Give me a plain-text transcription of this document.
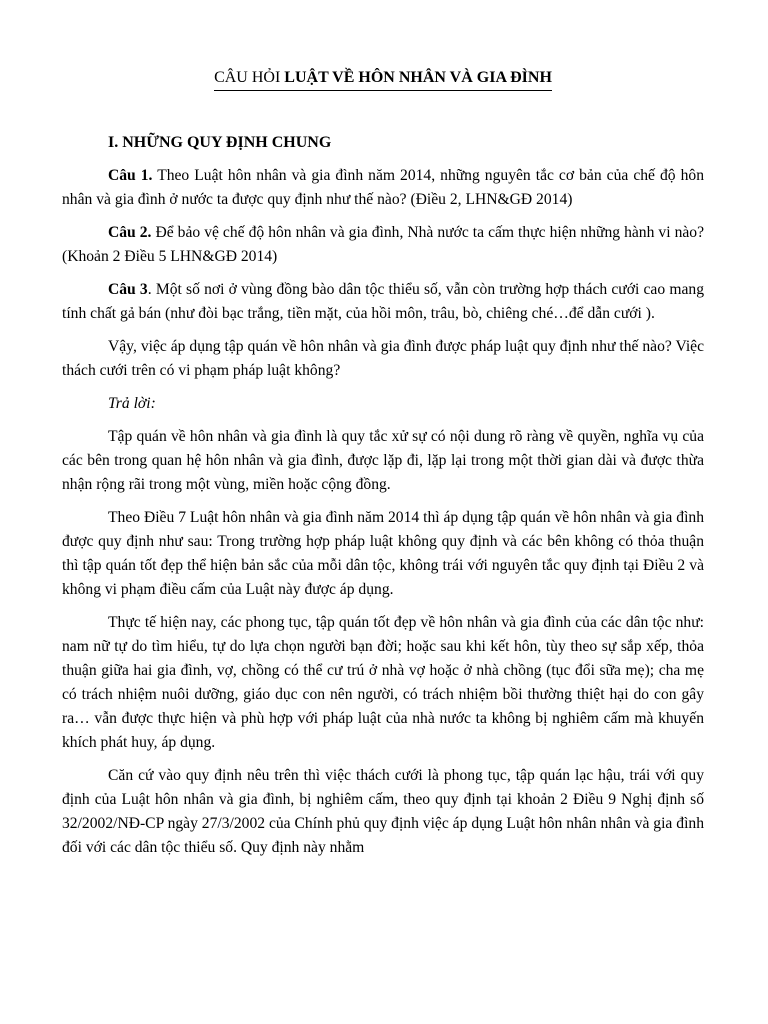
CÂU HỎI LUẬT VỀ HÔN NHÂN VÀ GIA ĐÌNH
I. NHỮNG QUY ĐỊNH CHUNG

Câu 1. Theo Luật hôn nhân và gia đình năm 2014, những nguyên tắc cơ bản của chế độ hôn nhân và gia đình ở nước ta được quy định như thế nào? (Điều 2, LHN&GĐ 2014)

Câu 2. Để bảo vệ chế độ hôn nhân và gia đình, Nhà nước ta cấm thực hiện những hành vi nào? (Khoản 2 Điều 5 LHN&GĐ 2014)

Câu 3. Một số nơi ở vùng đồng bào dân tộc thiểu số, vẫn còn trường hợp thách cưới cao mang tính chất gả bán (như đòi bạc trắng, tiền mặt, của hồi môn, trâu, bò, chiêng ché…để dẫn cưới ).

Vậy, việc áp dụng tập quán về hôn nhân và gia đình được pháp luật quy định như thế nào? Việc thách cưới trên có vi phạm pháp luật không?

Trả lời:

Tập quán về hôn nhân và gia đình là quy tắc xử sự có nội dung rõ ràng về quyền, nghĩa vụ của các bên trong quan hệ hôn nhân và gia đình, được lặp đi, lặp lại trong một thời gian dài và được thừa nhận rộng rãi trong một vùng, miền hoặc cộng đồng.

Theo Điều 7 Luật hôn nhân và gia đình năm 2014 thì áp dụng tập quán về hôn nhân và gia đình được quy định như sau: Trong trường hợp pháp luật không quy định và các bên không có thỏa thuận thì tập quán tốt đẹp thể hiện bản sắc của mỗi dân tộc, không trái với nguyên tắc quy định tại Điều 2 và không vi phạm điều cấm của Luật này được áp dụng.

Thực tế hiện nay, các phong tục, tập quán tốt đẹp về hôn nhân và gia đình của các dân tộc như: nam nữ tự do tìm hiểu, tự do lựa chọn người bạn đời; hoặc sau khi kết hôn, tùy theo sự sắp xếp, thỏa thuận giữa hai gia đình, vợ, chồng có thể cư trú ở nhà vợ hoặc ở nhà chồng (tục đổi sữa mẹ); cha mẹ có trách nhiệm nuôi dưỡng, giáo dục con nên người, có trách nhiệm bồi thường thiệt hại do con gây ra… vẫn được thực hiện và phù hợp với pháp luật của nhà nước ta không bị nghiêm cấm mà khuyến khích phát huy, áp dụng.

Căn cứ vào quy định nêu trên thì việc thách cưới là phong tục, tập quán lạc hậu, trái với quy định của Luật hôn nhân và gia đình, bị nghiêm cấm, theo quy định tại khoản 2 Điều 9 Nghị định số 32/2002/NĐ-CP ngày 27/3/2002 của Chính phủ quy định việc áp dụng Luật hôn nhân nhân và gia đình đối với các dân tộc thiểu số. Quy định này nhằm
